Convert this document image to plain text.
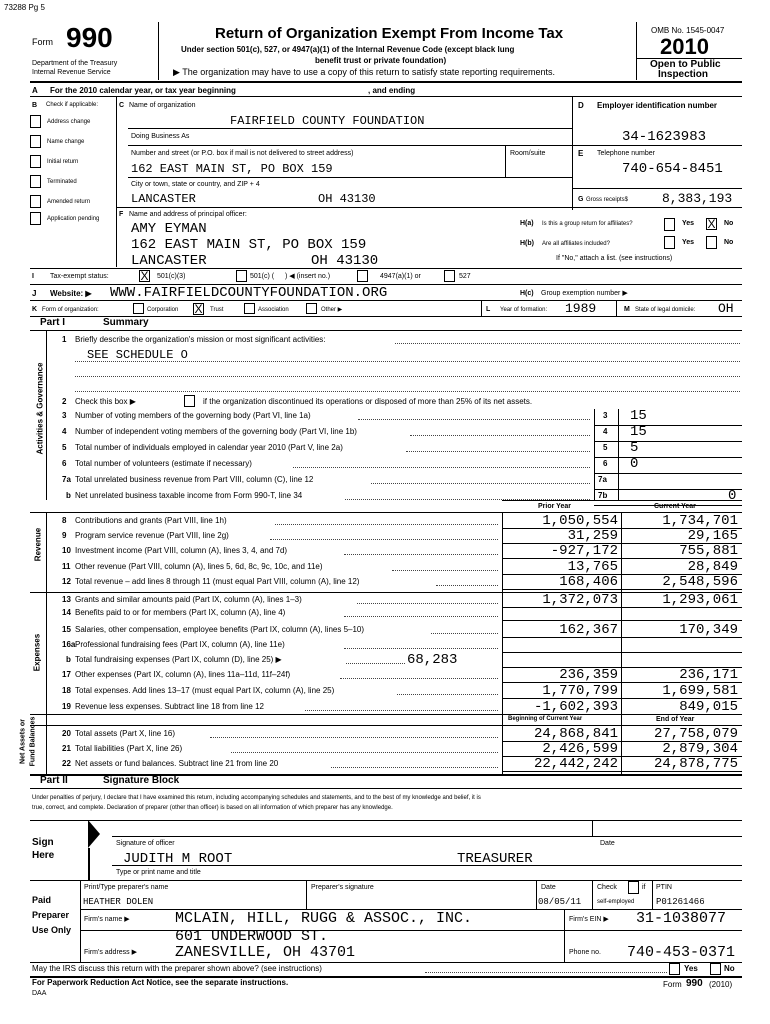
73288 Pg 5
Form 990
Department of the Treasury
Internal Revenue Service
Return of Organization Exempt From Income Tax
Under section 501(c), 527, or 4947(a)(1) of the Internal Revenue Code (except black lung
benefit trust or private foundation)
▶ The organization may have to use a copy of this return to satisfy state reporting requirements.
OMB No. 1545-0047
2010
Open to Public
Inspection
A For the 2010 calendar year, or tax year beginning	, and ending
B Check if applicable:
Address change
Name change
Initial return
Terminated
Amended return
Application pending
C Name of organization
FAIRFIELD COUNTY FOUNDATION
Doing Business As
Number and street (or P.O. box if mail is not delivered to street address)	Room/suite
162 EAST MAIN ST, PO BOX 159
City or town, state or country, and ZIP + 4
LANCASTER	OH 43130
D Employer identification number
34-1623983
E Telephone number
740-654-8451
G Gross receipts$	8,383,193
F Name and address of principal officer:
AMY EYMAN
162 EAST MAIN ST, PO BOX 159
LANCASTER	OH 43130
H(a) Is this a group return for affiliates?	Yes X No
H(b) Are all affiliates included?	Yes	No
If "No," attach a list. (see instructions)
I Tax-exempt status:	X 501(c)(3)	501(c) ( ) ◀ (insert no.)	4947(a)(1) or	527
J Website: ▶ WWW.FAIRFIELDCOUNTYFOUNDATION.ORG	H(c) Group exemption number ▶
K Form of organization:	Corporation X Trust	Association	Other ▶	L Year of formation: 1989	M State of legal domicile: OH
Part I	Summary
Activities & Governance
1 Briefly describe the organization's mission or most significant activities:
SEE SCHEDULE O
2 Check this box ▶	if the organization discontinued its operations or disposed of more than 25% of its net assets.
3 Number of voting members of the governing body (Part VI, line 1a)	3 15
4 Number of independent voting members of the governing body (Part VI, line 1b)	4 15
5 Total number of individuals employed in calendar year 2010 (Part V, line 2a)	5 5
6 Total number of volunteers (estimate if necessary)	6 0
7a Total unrelated business revenue from Part VIII, column (C), line 12	7a
b Net unrelated business taxable income from Form 990-T, line 34	7b	0
Prior Year	Current Year
Revenue
8 Contributions and grants (Part VIII, line 1h)	1,050,554	1,734,701
9 Program service revenue (Part VIII, line 2g)	31,259	29,165
10 Investment income (Part VIII, column (A), lines 3, 4, and 7d)	-927,172	755,881
11 Other revenue (Part VIII, column (A), lines 5, 6d, 8c, 9c, 10c, and 11e)	13,765	28,849
12 Total revenue – add lines 8 through 11 (must equal Part VIII, column (A), line 12)	168,406	2,548,596
Expenses
13 Grants and similar amounts paid (Part IX, column (A), lines 1–3)	1,372,073	1,293,061
14 Benefits paid to or for members (Part IX, column (A), line 4)
15 Salaries, other compensation, employee benefits (Part IX, column (A), lines 5–10)	162,367	170,349
16a Professional fundraising fees (Part IX, column (A), line 11e)
b Total fundraising expenses (Part IX, column (D), line 25) ▶	68,283
17 Other expenses (Part IX, column (A), lines 11a–11d, 11f–24f)	236,359	236,171
18 Total expenses. Add lines 13–17 (must equal Part IX, column (A), line 25)	1,770,799	1,699,581
19 Revenue less expenses. Subtract line 18 from line 12	-1,602,393	849,015
Beginning of Current Year	End of Year
Net Assets or Fund Balances	20 Total assets (Part X, line 16)	24,868,841	27,758,079
21 Total liabilities (Part X, line 26)	2,426,599	2,879,304
22 Net assets or fund balances. Subtract line 21 from line 20	22,442,242	24,878,775
Part II	Signature Block
Under penalties of perjury, I declare that I have examined this return, including accompanying schedules and statements, and to the best of my knowledge and belief, it is
true, correct, and complete. Declaration of preparer (other than officer) is based on all information of which preparer has any knowledge.
Sign
Here
Signature of officer	Date
JUDITH M ROOT	TREASURER
Type or print name and title
Paid
Preparer
Use Only
Print/Type preparer's name	Preparer's signature	Date	Check	if
self-employed
PTIN
HEATHER DOLEN	08/05/11	P01261466
Firm's name ▶	MCLAIN, HILL, RUGG & ASSOC., INC.	Firm's EIN ▶ 31-1038077
601 UNDERWOOD ST.
Firm's address ▶	ZANESVILLE, OH 43701	Phone no. 740-453-0371
May the IRS discuss this return with the preparer shown above? (see instructions)	Yes	No
For Paperwork Reduction Act Notice, see the separate instructions.
DAA
Form 990 (2010)
